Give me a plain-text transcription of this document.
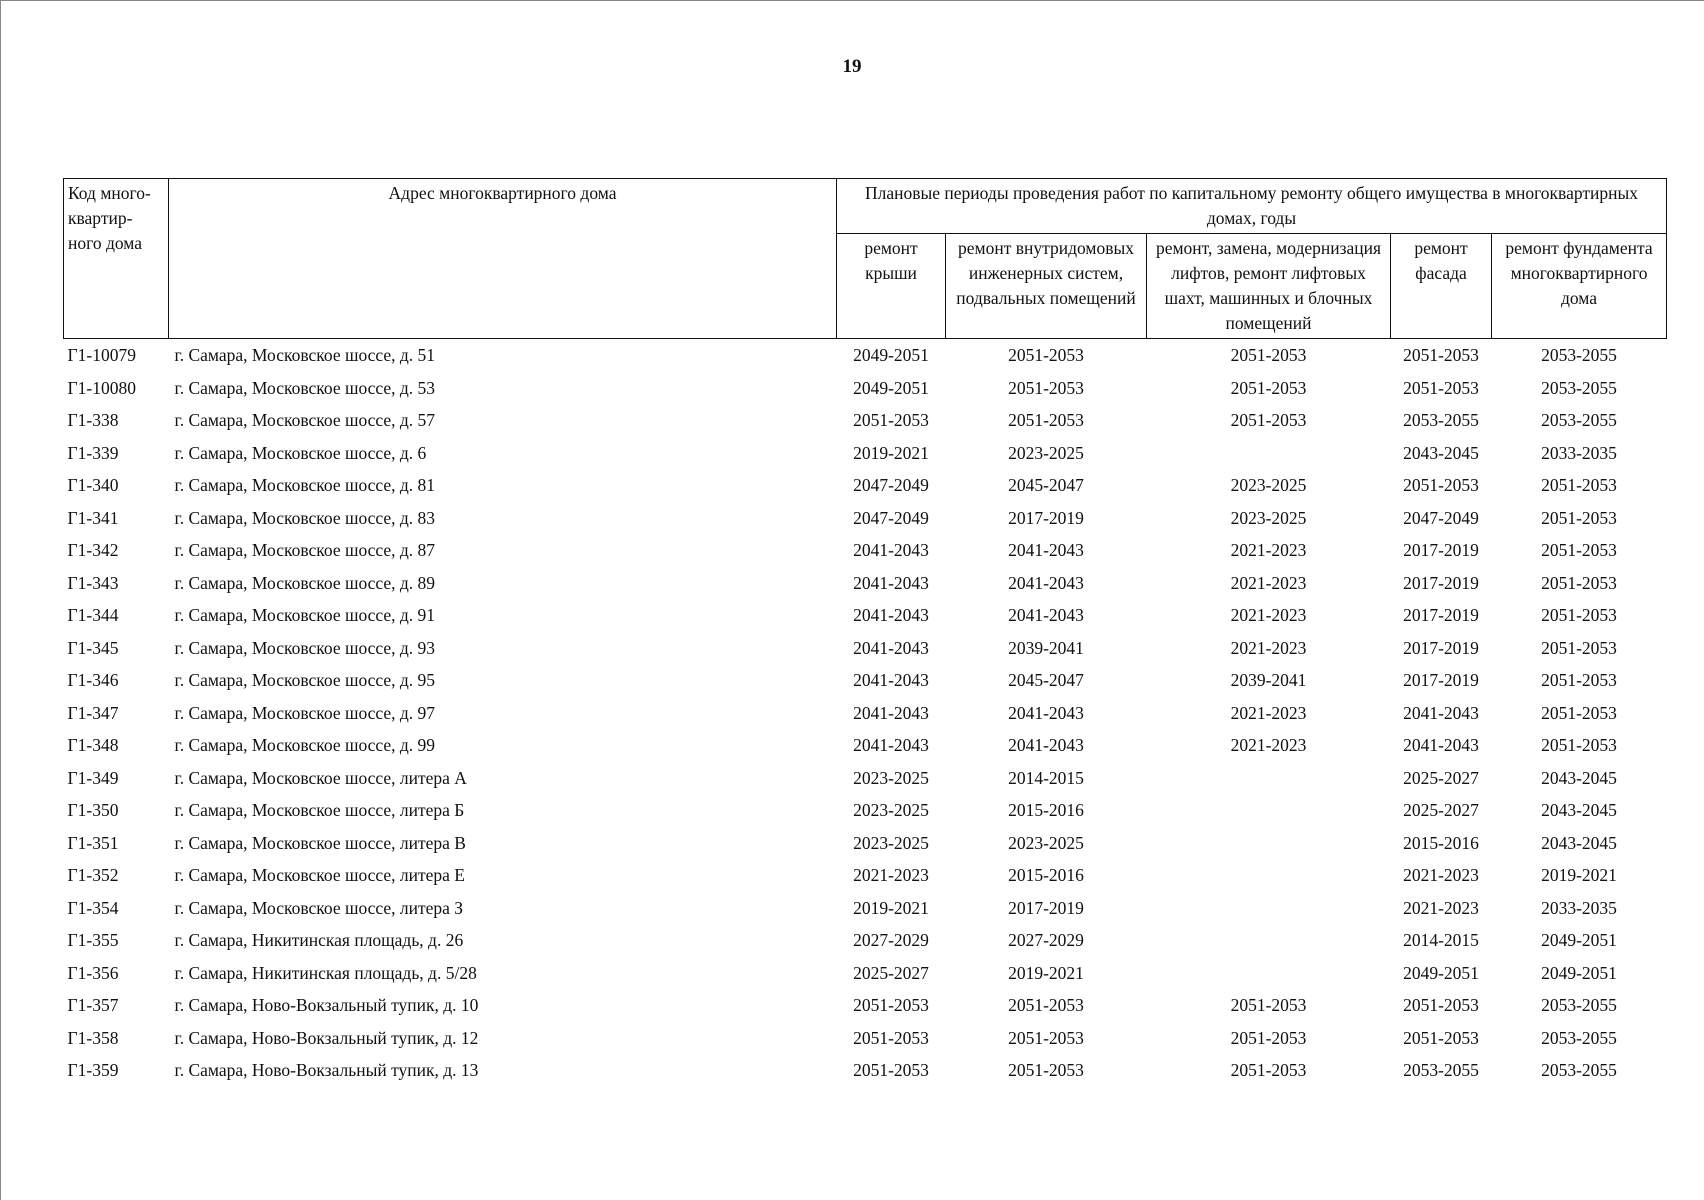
19
Код много-квартир-ного дома	Адрес многоквартирного дома	Плановые периоды проведения работ по капитальному ремонту общего имущества в многоквартирных домах, годы				
		ремонт крыши	ремонт внутридомовых инженерных систем, подвальных помещений	ремонт, замена, модернизация лифтов, ремонт лифтовых шахт, машинных и блочных помещений	ремонт фасада	ремонт фундамента многоквартирного дома
Г1-10079	г. Самара, Московское шоссе, д. 51	2049-2051	2051-2053	2051-2053	2051-2053	2053-2055
Г1-10080	г. Самара, Московское шоссе, д. 53	2049-2051	2051-2053	2051-2053	2051-2053	2053-2055
Г1-338	г. Самара, Московское шоссе, д. 57	2051-2053	2051-2053	2051-2053	2053-2055	2053-2055
Г1-339	г. Самара, Московское шоссе, д. 6	2019-2021	2023-2025		2043-2045	2033-2035
Г1-340	г. Самара, Московское шоссе, д. 81	2047-2049	2045-2047	2023-2025	2051-2053	2051-2053
Г1-341	г. Самара, Московское шоссе, д. 83	2047-2049	2017-2019	2023-2025	2047-2049	2051-2053
Г1-342	г. Самара, Московское шоссе, д. 87	2041-2043	2041-2043	2021-2023	2017-2019	2051-2053
Г1-343	г. Самара, Московское шоссе, д. 89	2041-2043	2041-2043	2021-2023	2017-2019	2051-2053
Г1-344	г. Самара, Московское шоссе, д. 91	2041-2043	2041-2043	2021-2023	2017-2019	2051-2053
Г1-345	г. Самара, Московское шоссе, д. 93	2041-2043	2039-2041	2021-2023	2017-2019	2051-2053
Г1-346	г. Самара, Московское шоссе, д. 95	2041-2043	2045-2047	2039-2041	2017-2019	2051-2053
Г1-347	г. Самара, Московское шоссе, д. 97	2041-2043	2041-2043	2021-2023	2041-2043	2051-2053
Г1-348	г. Самара, Московское шоссе, д. 99	2041-2043	2041-2043	2021-2023	2041-2043	2051-2053
Г1-349	г. Самара, Московское шоссе, литера А	2023-2025	2014-2015		2025-2027	2043-2045
Г1-350	г. Самара, Московское шоссе, литера Б	2023-2025	2015-2016		2025-2027	2043-2045
Г1-351	г. Самара, Московское шоссе, литера В	2023-2025	2023-2025		2015-2016	2043-2045
Г1-352	г. Самара, Московское шоссе, литера Е	2021-2023	2015-2016		2021-2023	2019-2021
Г1-354	г. Самара, Московское шоссе, литера З	2019-2021	2017-2019		2021-2023	2033-2035
Г1-355	г. Самара, Никитинская площадь, д. 26	2027-2029	2027-2029		2014-2015	2049-2051
Г1-356	г. Самара, Никитинская площадь, д. 5/28	2025-2027	2019-2021		2049-2051	2049-2051
Г1-357	г. Самара, Ново-Вокзальный тупик, д. 10	2051-2053	2051-2053	2051-2053	2051-2053	2053-2055
Г1-358	г. Самара, Ново-Вокзальный тупик, д. 12	2051-2053	2051-2053	2051-2053	2051-2053	2053-2055
Г1-359	г. Самара, Ново-Вокзальный тупик, д. 13	2051-2053	2051-2053	2051-2053	2053-2055	2053-2055
